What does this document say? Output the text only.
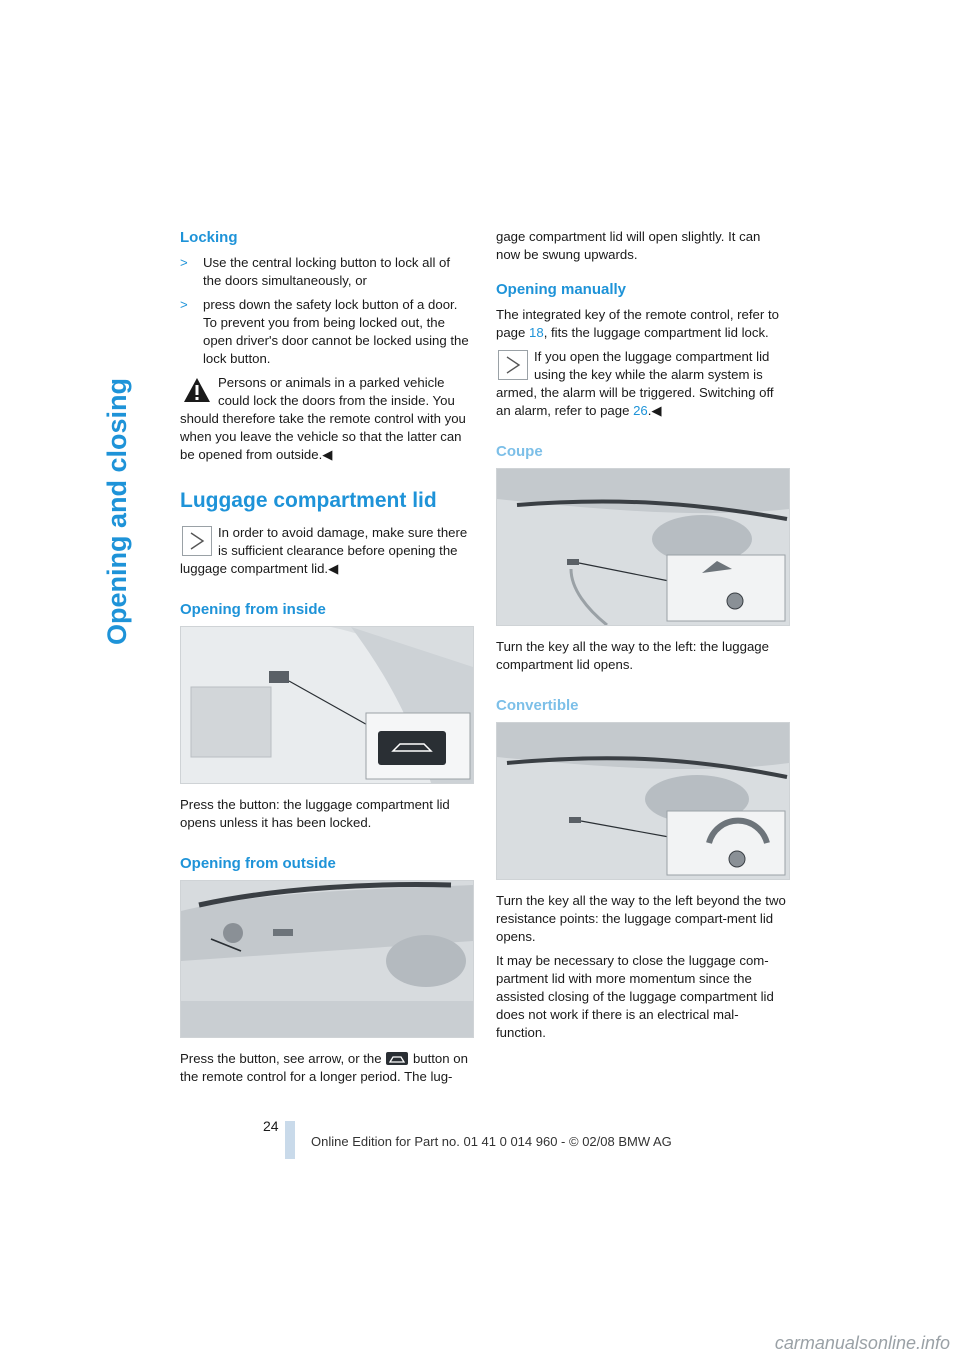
Opening and closing
Locking
> Use the central locking button to lock all of the doors simultaneously, or
> press down the safety lock button of a door. To prevent you from being locked out, the open driver's door cannot be locked using the lock button.
Persons or animals in a parked vehicle could lock the doors from the inside. You should therefore take the remote control with you when you leave the vehicle so that the latter can be opened from outside.◀
Luggage compartment lid
In order to avoid damage, make sure there is sufficient clearance before opening the luggage compartment lid.◀
Opening from inside

Press the button: the luggage compartment lid opens unless it has been locked.

Opening from outside

Press the button, see arrow, or the button on the remote control for a longer period. The lug-

gage compartment lid will open slightly. It can now be swung upwards.

Opening manually

The integrated key of the remote control, refer to page 18, fits the luggage compartment lid lock.

If you open the luggage compartment lid using the key while the alarm system is armed, the alarm will be triggered. Switching off an alarm, refer to page 26.◀
Coupe

Turn the key all the way to the left: the luggage compartment lid opens.

Convertible

Turn the key all the way to the left beyond the two resistance points: the luggage compart-ment lid opens.

It may be necessary to close the luggage com-partment lid with more momentum since the assisted closing of the luggage compartment lid does not work if there is an electrical mal-function.

24
Online Edition for Part no. 01 41 0 014 960 - © 02/08 BMW AG
carmanualsonline.info
